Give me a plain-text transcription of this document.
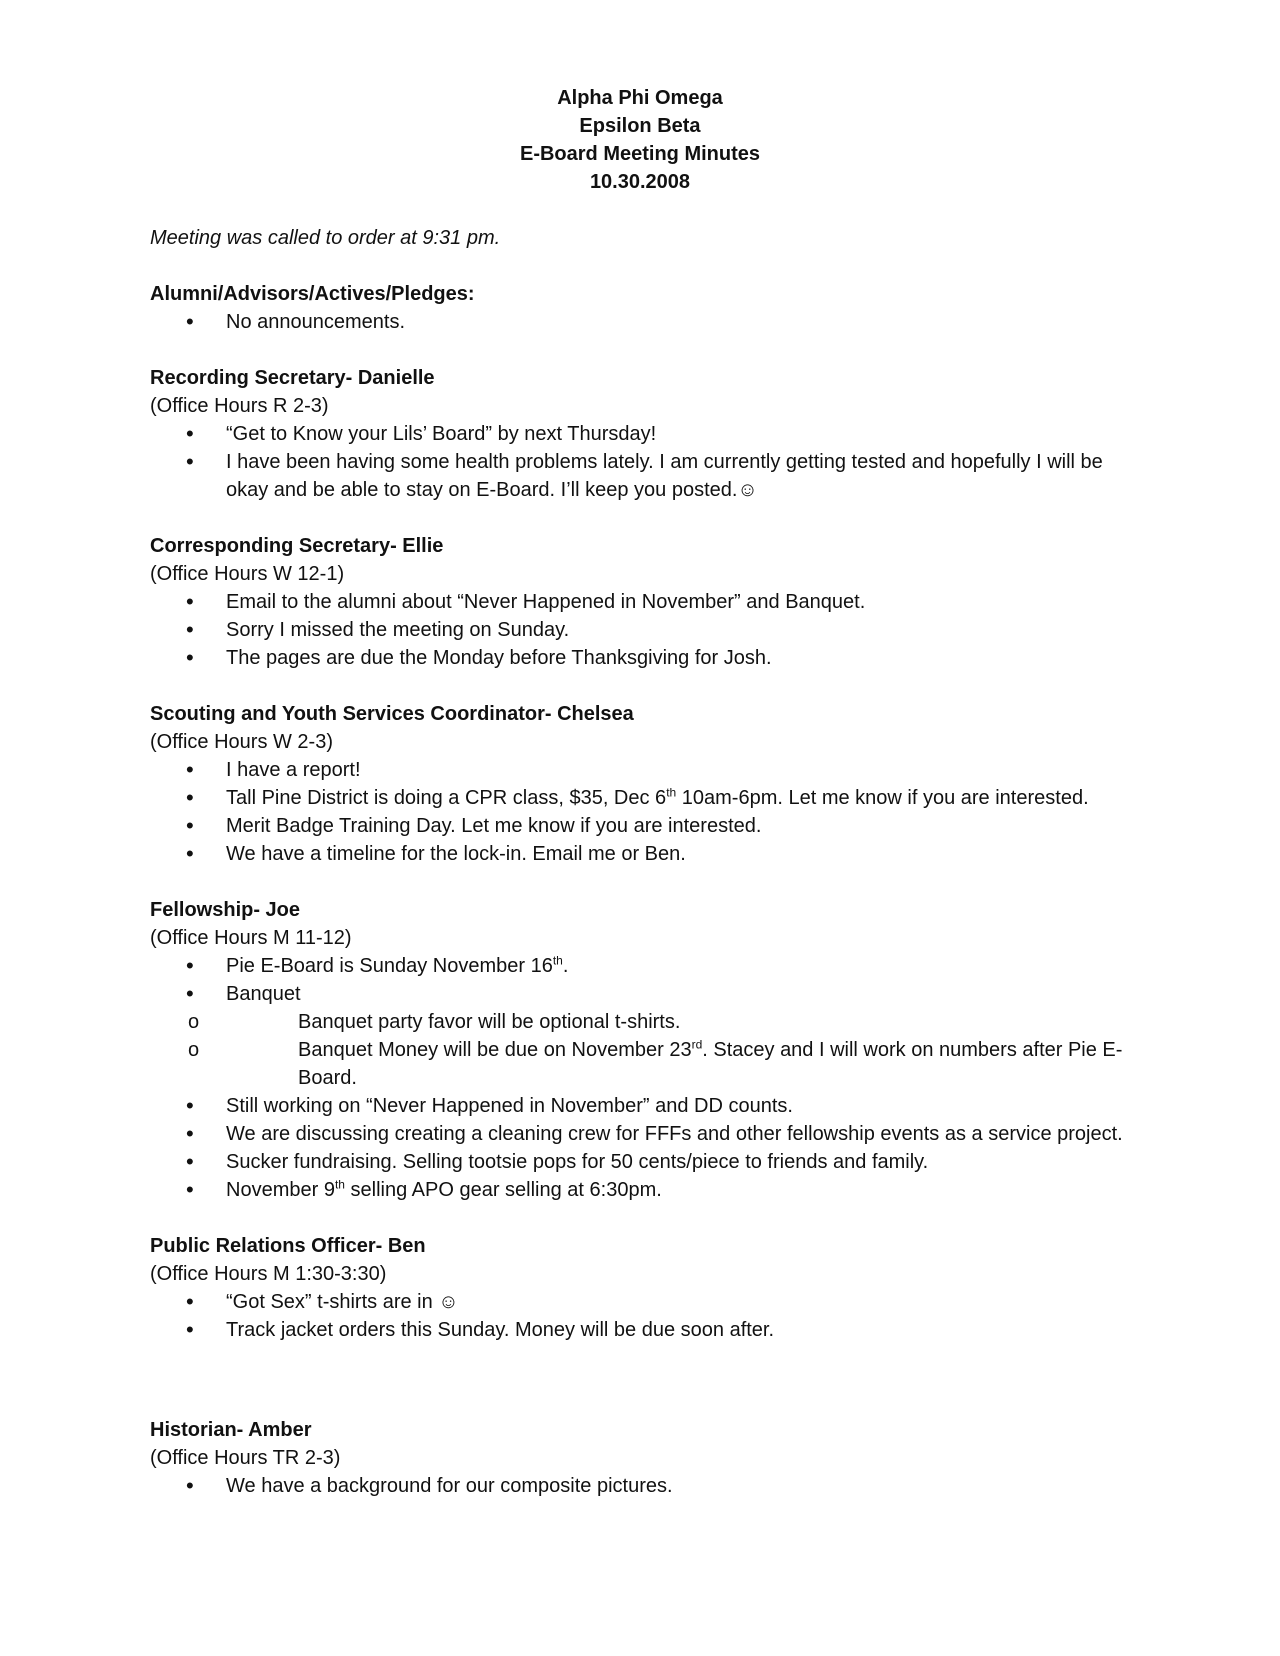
Alpha Phi Omega
Epsilon Beta
E-Board Meeting Minutes
10.30.2008

Meeting was called to order at 9:31 pm.

Alumni/Advisors/Actives/Pledges:
• No announcements.
Recording Secretary- Danielle

(Office Hours R 2-3)

• “Get to Know your Lils’ Board” by next Thursday!
• I have been having some health problems lately. I am currently getting tested and hopefully I will be okay and be able to stay on E-Board. I’ll keep you posted.☺
Corresponding Secretary- Ellie

(Office Hours W 12-1)

• Email to the alumni about “Never Happened in November” and Banquet.
• Sorry I missed the meeting on Sunday.
• The pages are due the Monday before Thanksgiving for Josh.
Scouting and Youth Services Coordinator- Chelsea

(Office Hours W 2-3)

• I have a report!
• Tall Pine District is doing a CPR class, $35, Dec 6th 10am-6pm. Let me know if you are interested.
• Merit Badge Training Day. Let me know if you are interested.
• We have a timeline for the lock-in. Email me or Ben.
Fellowship- Joe

(Office Hours M 11-12)

• Pie E-Board is Sunday November 16th.
• Banquet
o Banquet party favor will be optional t-shirts.
o Banquet Money will be due on November 23rd. Stacey and I will work on numbers after Pie E-Board.
• Still working on “Never Happened in November” and DD counts.
• We are discussing creating a cleaning crew for FFFs and other fellowship events as a service project.
• Sucker fundraising. Selling tootsie pops for 50 cents/piece to friends and family.
• November 9th selling APO gear selling at 6:30pm.
Public Relations Officer- Ben

(Office Hours M 1:30-3:30)

• “Got Sex” t-shirts are in ☺
• Track jacket orders this Sunday. Money will be due soon after.
Historian- Amber

(Office Hours TR 2-3)

• We have a background for our composite pictures.
